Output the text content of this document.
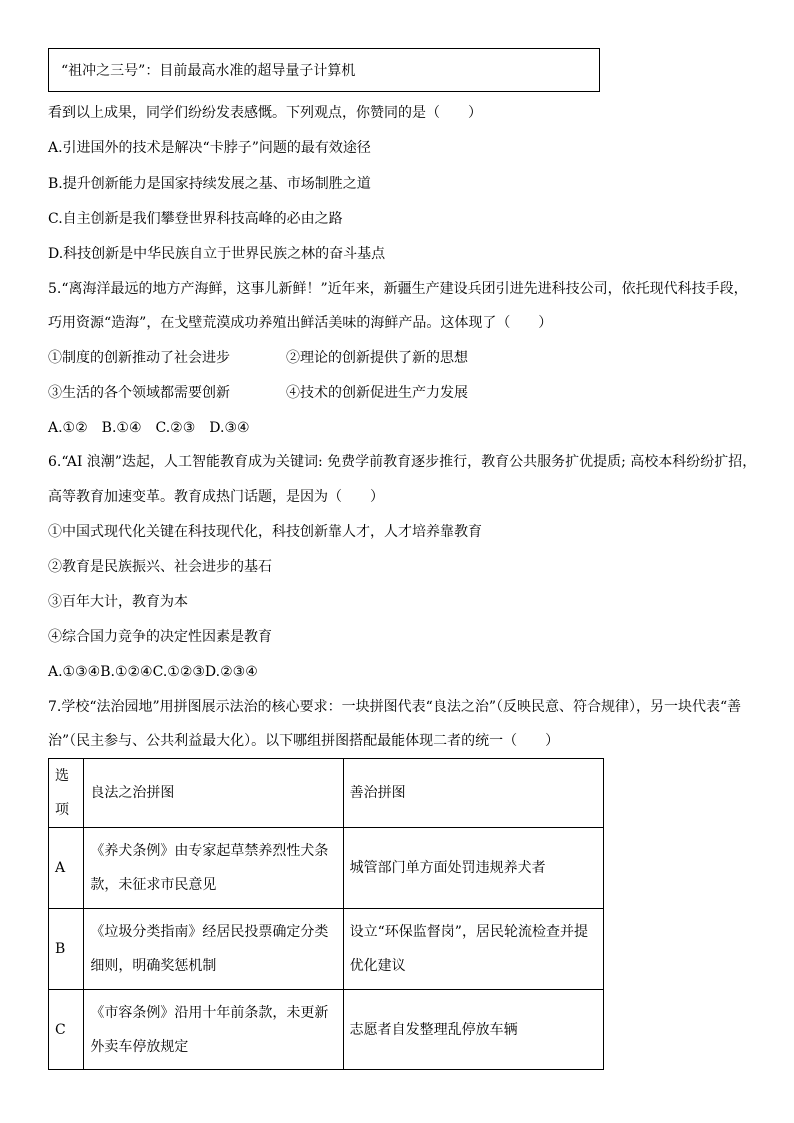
“祖冲之三号”：目前最高水准的超导量子计算机
看到以上成果，同学们纷纷发表感慨。下列观点，你赞同的是（　　）
A.引进国外的技术是解决“卡脖子”问题的最有效途径
B.提升创新能力是国家持续发展之基、市场制胜之道
C.自主创新是我们攀登世界科技高峰的必由之路
D.科技创新是中华民族自立于世界民族之林的奋斗基点
5.“离海洋最远的地方产海鲜，这事儿新鲜！”近年来，新疆生产建设兵团引进先进科技公司，依托现代科技手段，
巧用资源“造海”，在戈壁荒漠成功养殖出鲜活美味的海鲜产品。这体现了（　　）
①制度的创新推动了社会进步	②理论的创新提供了新的思想
③生活的各个领域都需要创新	④技术的创新促进生产力发展
A.①②　B.①④　C.②③　D.③④
6.“AI 浪潮”迭起，人工智能教育成为关键词: 免费学前教育逐步推行，教育公共服务扩优提质; 高校本科纷纷扩招，
高等教育加速变革。教育成热门话题，是因为（　　）
①中国式现代化关键在科技现代化，科技创新靠人才，人才培养靠教育
②教育是民族振兴、社会进步的基石
③百年大计，教育为本
④综合国力竞争的决定性因素是教育
A.①③④B.①②④C.①②③D.②③④
7.学校“法治园地”用拼图展示法治的核心要求：一块拼图代表“良法之治”（反映民意、符合规律），另一块代表“善
治”（民主参与、公共利益最大化）。以下哪组拼图搭配最能体现二者的统一（　　）
选项	良法之治拼图	善治拼图
A	《养犬条例》由专家起草禁养烈性犬条款，未征求市民意见	城管部门单方面处罚违规养犬者
B	《垃圾分类指南》经居民投票确定分类细则，明确奖惩机制	设立“环保监督岗”，居民轮流检查并提优化建议
C	《市容条例》沿用十年前条款，未更新外卖车停放规定	志愿者自发整理乱停放车辆
